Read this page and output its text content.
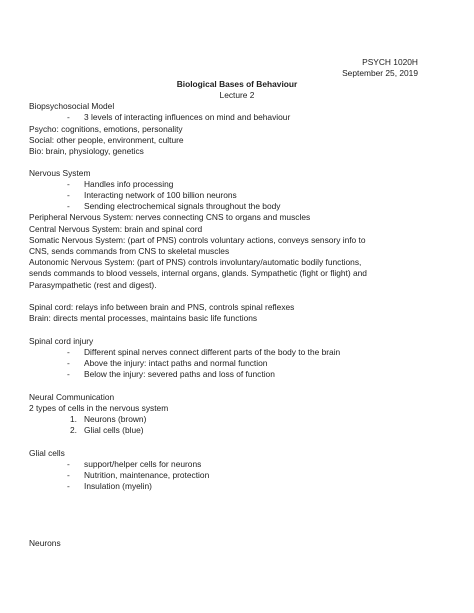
PSYCH 1020H
September 25, 2019
Biological Bases of Behaviour
Lecture 2
Biopsychosocial Model
- 3 levels of interacting influences on mind and behaviour
Psycho: cognitions, emotions, personality
Social: other people, environment, culture
Bio: brain, physiology, genetics
Nervous System
- Handles info processing
- Interacting network of 100 billion neurons
- Sending electrochemical signals throughout the body
Peripheral Nervous System: nerves connecting CNS to organs and muscles
Central Nervous System: brain and spinal cord
Somatic Nervous System: (part of PNS) controls voluntary actions, conveys sensory info to
CNS, sends commands from CNS to skeletal muscles
Autonomic Nervous System: (part of PNS) controls involuntary/automatic bodily functions,
sends commands to blood vessels, internal organs, glands. Sympathetic (fight or flight) and
Parasympathetic (rest and digest).
Spinal cord: relays info between brain and PNS, controls spinal reflexes
Brain: directs mental processes, maintains basic life functions
Spinal cord injury
- Different spinal nerves connect different parts of the body to the brain
- Above the injury: intact paths and normal function
- Below the injury: severed paths and loss of function
Neural Communication
2 types of cells in the nervous system
1. Neurons (brown)
2. Glial cells (blue)
Glial cells
- support/helper cells for neurons
- Nutrition, maintenance, protection
- Insulation (myelin)
Neurons
